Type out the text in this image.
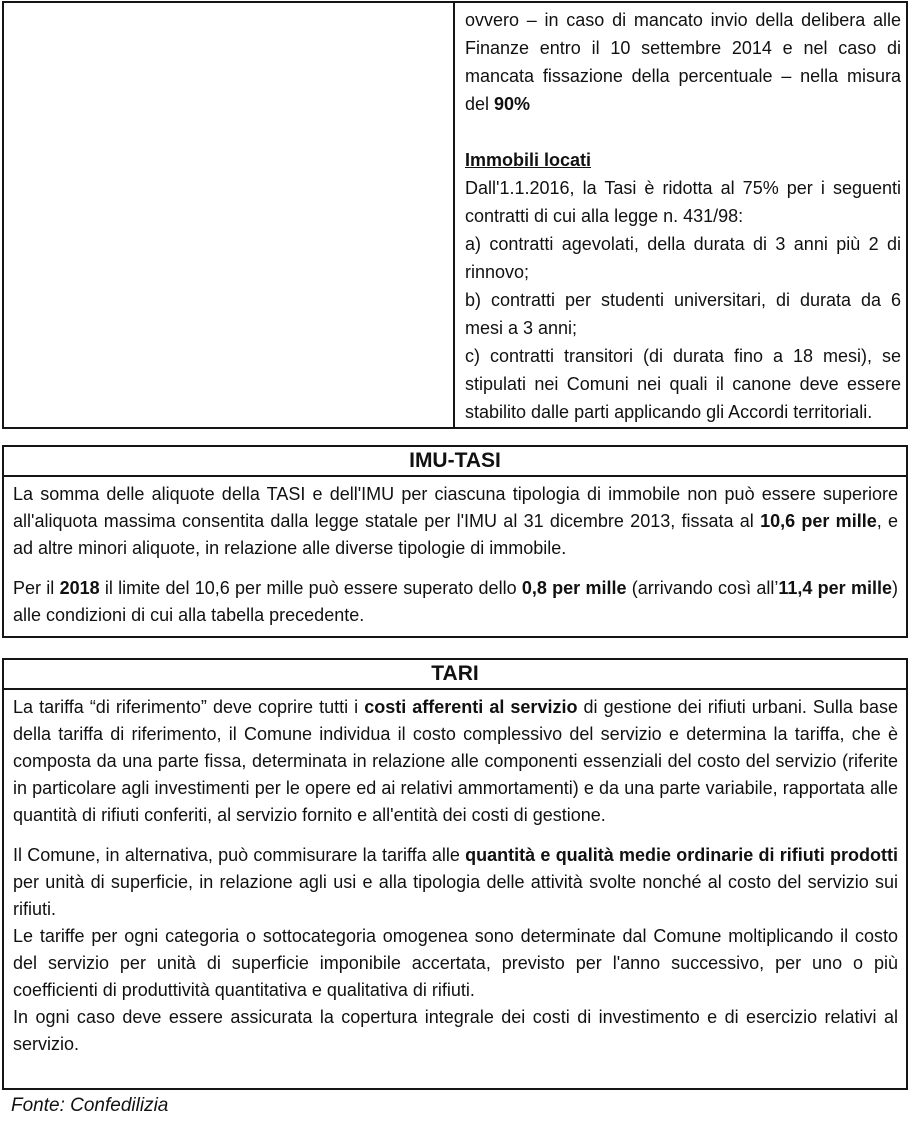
ovvero – in caso di mancato invio della delibera alle Finanze entro il 10 settembre 2014 e nel caso di mancata fissazione della percentuale – nella misura del 90%

Immobili locati

Dall'1.1.2016, la Tasi è ridotta al 75% per i seguenti contratti di cui alla legge n. 431/98:

a) contratti agevolati, della durata di 3 anni più 2 di rinnovo;

b) contratti per studenti universitari, di durata da 6 mesi a 3 anni;

c) contratti transitori (di durata fino a 18 mesi), se stipulati nei Comuni nei quali il canone deve essere stabilito dalle parti applicando gli Accordi territoriali.

IMU-TASI

La somma delle aliquote della TASI e dell'IMU per ciascuna tipologia di immobile non può essere superiore all'aliquota massima consentita dalla legge statale per l'IMU al 31 dicembre 2013, fissata al 10,6 per mille, e ad altre minori aliquote, in relazione alle diverse tipologie di immobile.

Per il 2018 il limite del 10,6 per mille può essere superato dello 0,8 per mille (arrivando così all’11,4 per mille) alle condizioni di cui alla tabella precedente.

TARI

La tariffa “di riferimento” deve coprire tutti i costi afferenti al servizio di gestione dei rifiuti urbani. Sulla base della tariffa di riferimento, il Comune individua il costo complessivo del servizio e determina la tariffa, che è composta da una parte fissa, determinata in relazione alle componenti essenziali del costo del servizio (riferite in particolare agli investimenti per le opere ed ai relativi ammortamenti) e da una parte variabile, rapportata alle quantità di rifiuti conferiti, al servizio fornito e all'entità dei costi di gestione.

Il Comune, in alternativa, può commisurare la tariffa alle quantità e qualità medie ordinarie di rifiuti prodotti per unità di superficie, in relazione agli usi e alla tipologia delle attività svolte nonché al costo del servizio sui rifiuti.

Le tariffe per ogni categoria o sottocategoria omogenea sono determinate dal Comune moltiplicando il costo del servizio per unità di superficie imponibile accertata, previsto per l'anno successivo, per uno o più coefficienti di produttività quantitativa e qualitativa di rifiuti.

In ogni caso deve essere assicurata la copertura integrale dei costi di investimento e di esercizio relativi al servizio.

Fonte: Confedilizia
